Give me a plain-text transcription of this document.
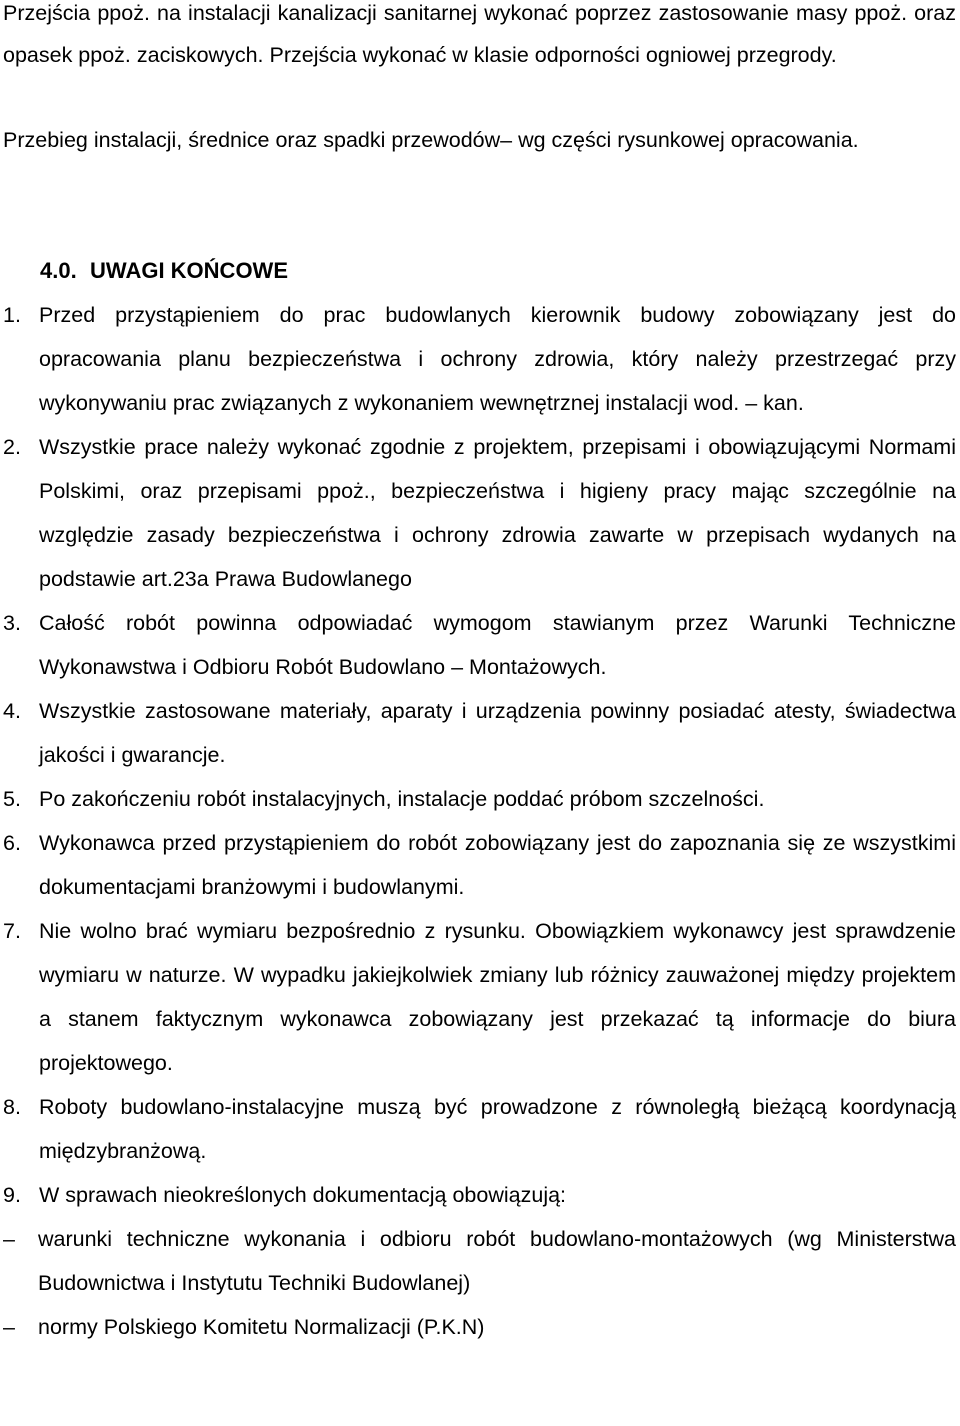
Przejścia ppoż. na instalacji kanalizacji sanitarnej wykonać poprzez zastosowanie masy ppoż. oraz opasek ppoż. zaciskowych. Przejścia wykonać w klasie odporności ogniowej przegrody.

Przebieg instalacji, średnice oraz spadki przewodów– wg części rysunkowej opracowania.

4.0. UWAGI KOŃCOWE
1. Przed przystąpieniem do prac budowlanych kierownik budowy zobowiązany jest do opracowania planu bezpieczeństwa i ochrony zdrowia, który należy przestrzegać przy wykonywaniu prac związanych z wykonaniem wewnętrznej instalacji wod. – kan.
2. Wszystkie prace należy wykonać zgodnie z projektem, przepisami i obowiązującymi Normami Polskimi, oraz przepisami ppoż., bezpieczeństwa i higieny pracy mając szczególnie na względzie zasady bezpieczeństwa i ochrony zdrowia zawarte w przepisach wydanych na podstawie art.23a Prawa Budowlanego
3. Całość robót powinna odpowiadać wymogom stawianym przez Warunki Techniczne Wykonawstwa i Odbioru Robót Budowlano – Montażowych.
4. Wszystkie zastosowane materiały, aparaty i urządzenia powinny posiadać atesty, świadectwa jakości i gwarancje.
5. Po zakończeniu robót instalacyjnych, instalacje poddać próbom szczelności.
6. Wykonawca przed przystąpieniem do robót zobowiązany jest do zapoznania się ze wszystkimi dokumentacjami branżowymi i budowlanymi.
7. Nie wolno brać wymiaru bezpośrednio z rysunku. Obowiązkiem wykonawcy jest sprawdzenie wymiaru w naturze. W wypadku jakiejkolwiek zmiany lub różnicy zauważonej między projektem a stanem faktycznym wykonawca zobowiązany jest przekazać tą informacje do biura projektowego.
8. Roboty budowlano-instalacyjne muszą być prowadzone z równoległą bieżącą koordynacją międzybranżową.
9. W sprawach nieokreślonych dokumentacją obowiązują:
– warunki techniczne wykonania i odbioru robót budowlano-montażowych (wg Ministerstwa Budownictwa i Instytutu Techniki Budowlanej)
– normy Polskiego Komitetu Normalizacji (P.K.N)
